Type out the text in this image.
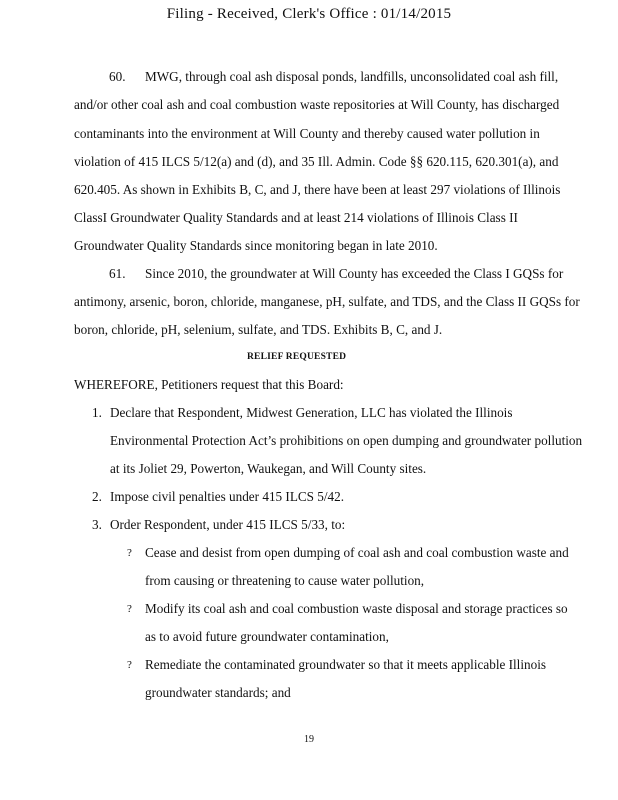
Filing - Received, Clerk's Office : 01/14/2015
60. MWG, through coal ash disposal ponds, landfills, unconsolidated coal ash fill,
and/or other coal ash and coal combustion waste repositories at Will County, has discharged
contaminants into the environment at Will County and thereby caused water pollution in
violation of 415 ILCS 5/12(a) and (d), and 35 Ill. Admin. Code §§ 620.115, 620.301(a), and
620.405. As shown in Exhibits B, C, and J, there have been at least 297 violations of Illinois
ClassI Groundwater Quality Standards and at least 214 violations of Illinois Class II
Groundwater Quality Standards since monitoring began in late 2010.
61. Since 2010, the groundwater at Will County has exceeded the Class I GQSs for
antimony, arsenic, boron, chloride, manganese, pH, sulfate, and TDS, and the Class II GQSs for
boron, chloride, pH, selenium, sulfate, and TDS. Exhibits B, C, and J.
RELIEF REQUESTED
WHEREFORE, Petitioners request that this Board:
1. Declare that Respondent, Midwest Generation, LLC has violated the Illinois
Environmental Protection Act’s prohibitions on open dumping and groundwater pollution
at its Joliet 29, Powerton, Waukegan, and Will County sites.
2. Impose civil penalties under 415 ILCS 5/42.
3. Order Respondent, under 415 ILCS 5/33, to:
? Cease and desist from open dumping of coal ash and coal combustion waste and
from causing or threatening to cause water pollution,
? Modify its coal ash and coal combustion waste disposal and storage practices so
as to avoid future groundwater contamination,
? Remediate the contaminated groundwater so that it meets applicable Illinois
groundwater standards; and
19
